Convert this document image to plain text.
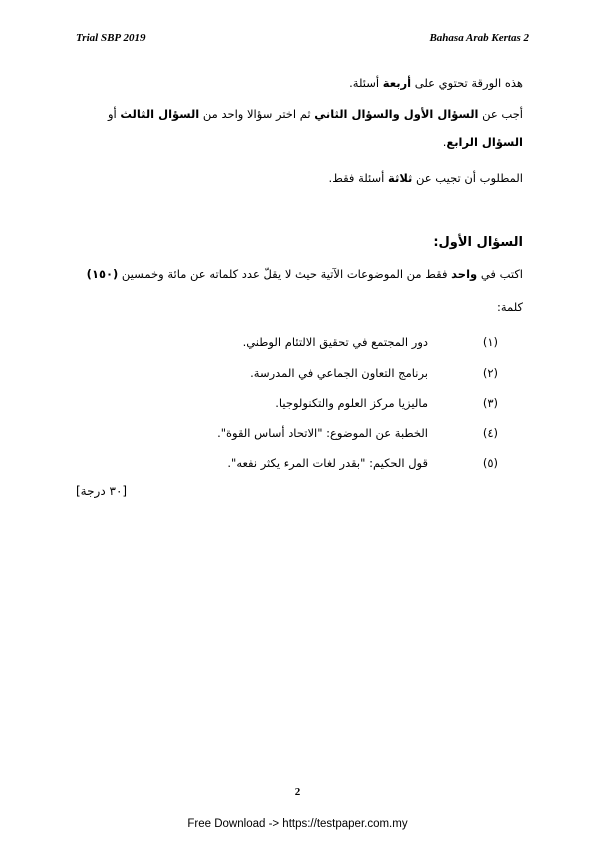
Trial SBP 2019	Bahasa Arab Kertas 2
هذه الورقة تحتوي على أربعة أسئلة.
أجب عن السؤال الأول والسؤال الثاني ثم اختر سؤالا واحد من السؤال الثالث أو السؤال الرابع.
المطلوب أن تجيب عن ثلاثة أسئلة فقط.
السؤال الأول:
اكتب في واحد فقط من الموضوعات الآتية حيث لا يقلّ عدد كلماته عن مائة وخمسين (١٥٠)
كلمة:
(١)دور المجتمع في تحقيق الالتئام الوطني.
(٢)برنامج التعاون الجماعي في المدرسة.
(٣)ماليزيا مركز العلوم والتكنولوجيا.
(٤)الخطبة عن الموضوع: "الاتحاد أساس القوة".
(٥)قول الحكيم: "بقدر لغات المرء يكثر نفعه".
[٣٠ درجة]
2
Free Download -> https://testpaper.com.my
